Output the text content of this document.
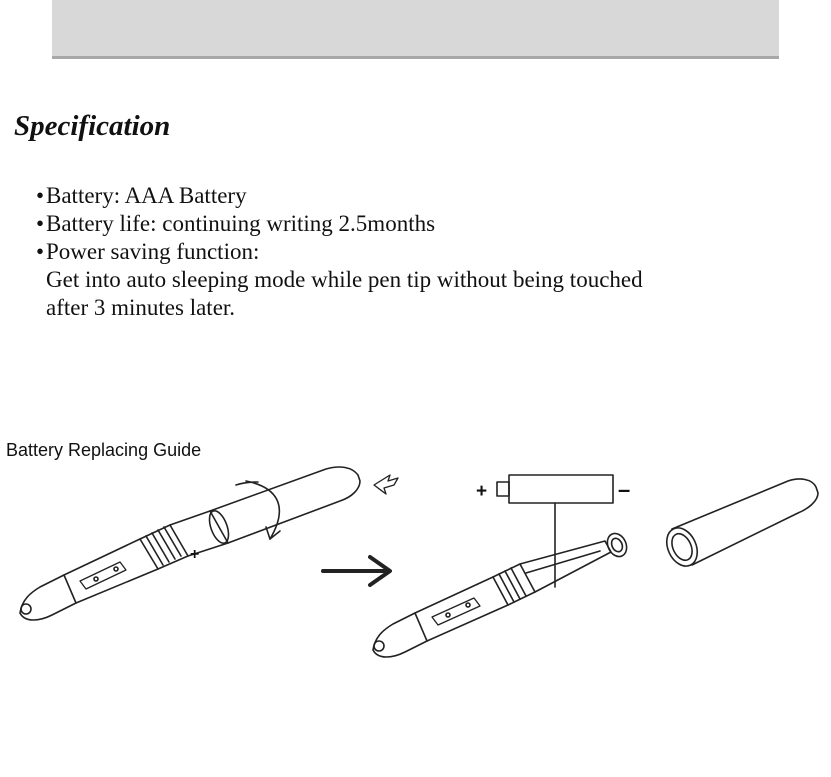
Specification
•Battery: AAA Battery
•Battery life: continuing writing 2.5months
•Power saving function:
Get into auto sleeping mode while pen tip without being touched
after 3 minutes later.
Battery Replacing Guide
+
+	–
